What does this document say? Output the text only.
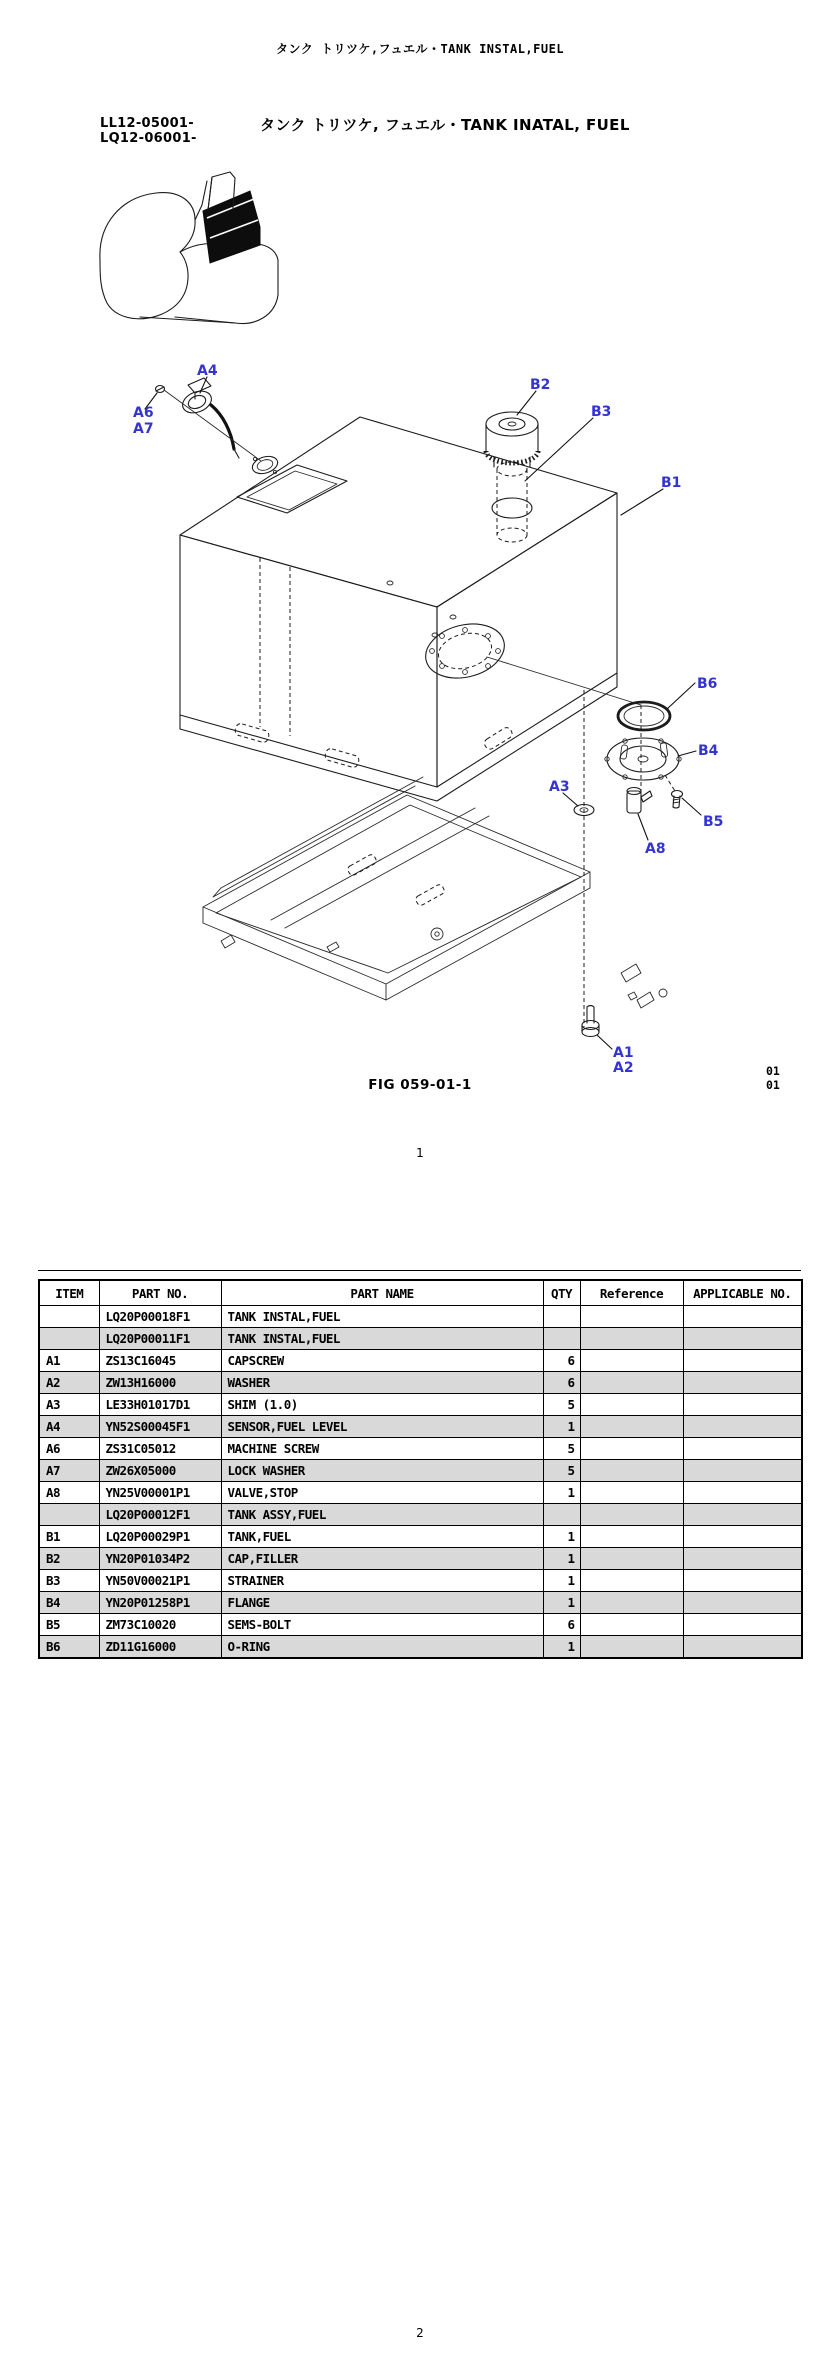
タンク トリツケ,フュエル・TANK INSTAL,FUEL
LL12-05001-
LQ12-06001-
タンク トリツケ, フュエル・TANK INATAL, FUEL
A4
A6
A7
B2
B3
B1
B6
B4
A3
B5
A8
A1
A2
FIG 059-01-1
01
01
1
ITEM	PART NO.	PART NAME	QTY	Reference	APPLICABLE NO.
	LQ20P00018F1	TANK INSTAL,FUEL			
	LQ20P00011F1	TANK INSTAL,FUEL			
A1	ZS13C16045	CAPSCREW	6		
A2	ZW13H16000	WASHER	6		
A3	LE33H01017D1	SHIM (1.0)	5		
A4	YN52S00045F1	SENSOR,FUEL LEVEL	1		
A6	ZS31C05012	MACHINE SCREW	5		
A7	ZW26X05000	LOCK WASHER	5		
A8	YN25V00001P1	VALVE,STOP	1		
	LQ20P00012F1	TANK ASSY,FUEL			
B1	LQ20P00029P1	TANK,FUEL	1		
B2	YN20P01034P2	CAP,FILLER	1		
B3	YN50V00021P1	STRAINER	1		
B4	YN20P01258P1	FLANGE	1		
B5	ZM73C10020	SEMS-BOLT	6		
B6	ZD11G16000	O-RING	1		
2
